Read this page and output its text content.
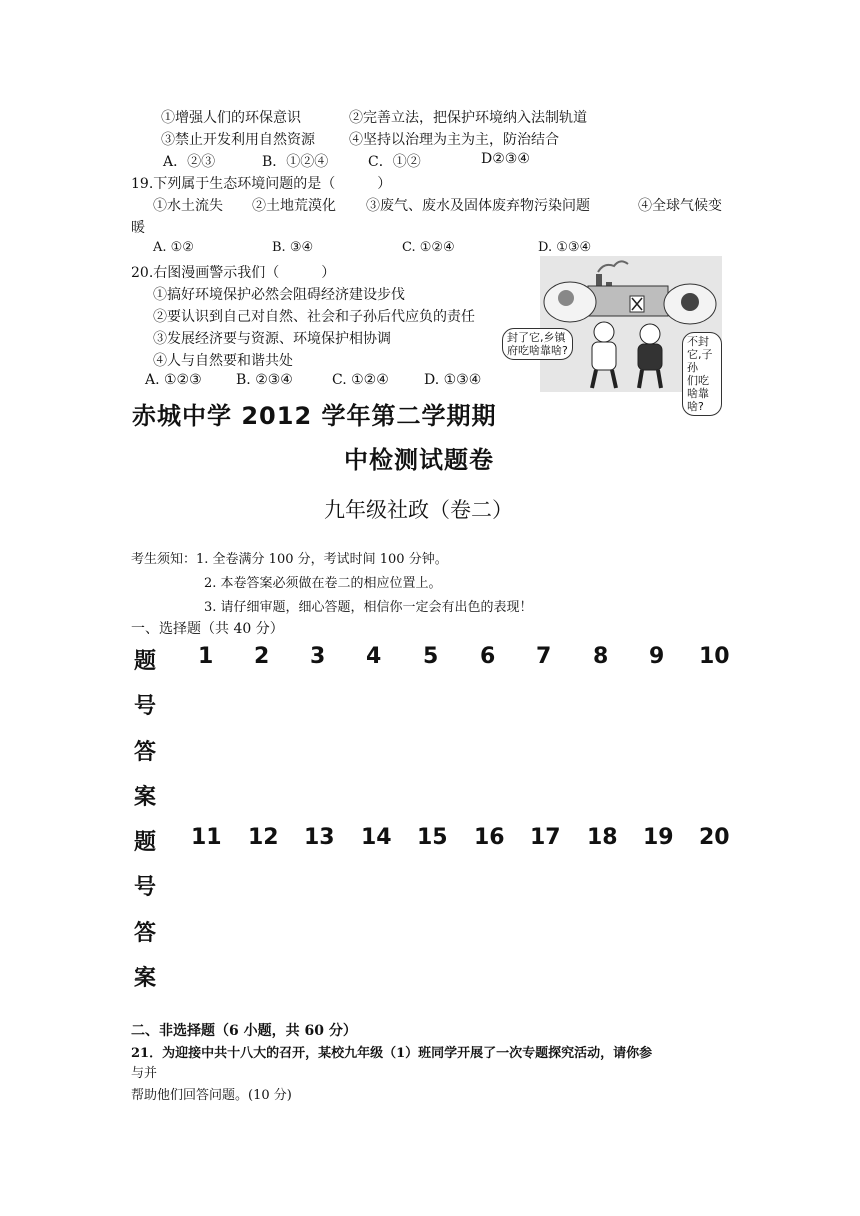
①增强人们的环保意识	②完善立法，把保护环境纳入法制轨道
③禁止开发利用自然资源 ④坚持以治理为主为主，防治结合
A．②③	B．①②④	C．①②	D②③④
19.下列属于生态环境问题的是（　　　）
①水土流失 ②土地荒漠化 ③废气、废水及固体废弃物污染问题	④全球气候变
暖
A. ①②	B. ③④	C. ①②④	D. ①③④
20.右图漫画警示我们（　　　）
①搞好环境保护必然会阻碍经济建设步伐
②要认识到自己对自然、社会和子孙后代应负的责任
③发展经济要与资源、环境保护相协调
④人与自然要和谐共处
A. ①②③ B. ②③④	C. ①②④	D. ①③④
封了它,乡镇
府吃啥靠啥?
不封它,子孙
们吃啥靠啥?
赤城中学 2012 学年第二学期期
中检测试题卷
九年级社政（卷二）
考生须知：1. 全卷满分 100 分，考试时间 100 分钟。
2. 本卷答案必须做在卷二的相应位置上。
3. 请仔细审题，细心答题，相信你一定会有出色的表现！
一、选择题（共 40 分）
题
号
答
案
1 2 3 4 5 6 7 8 9 10
题
号
答
案
11 12 13 14 15 16 17 18 19 20
二、非选择题（6 小题，共 60 分）
21．为迎接中共十八大的召开，某校九年级（1）班同学开展了一次专题探究活动，请你参
与并
帮助他们回答问题。(10 分)
